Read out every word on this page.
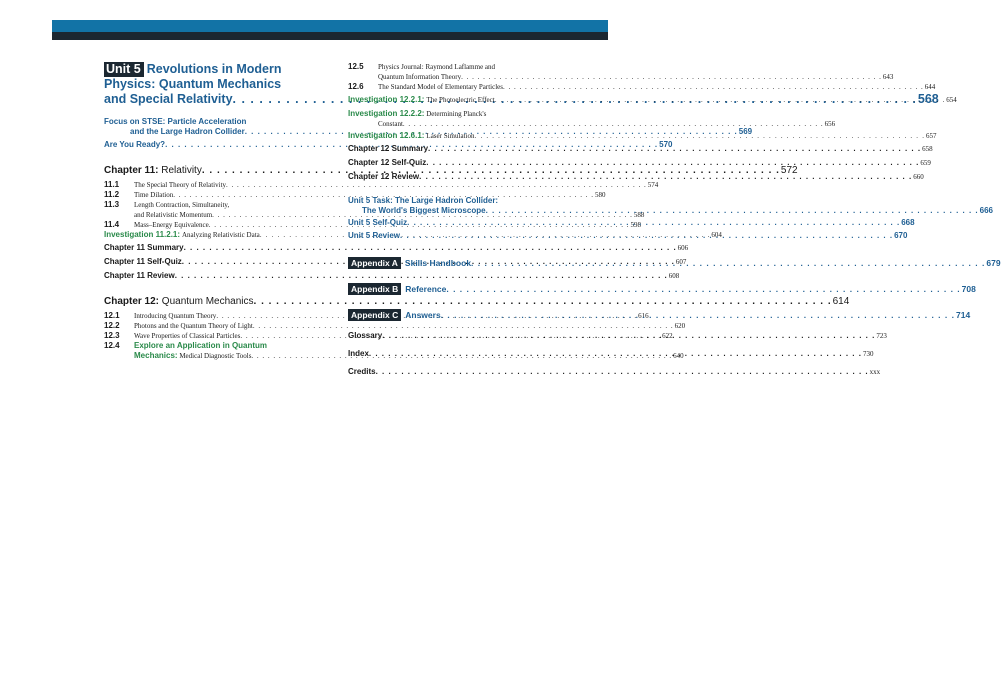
Unit 5 Revolutions in Modern
Physics: Quantum Mechanics
and Special Relativity . . .	568
Focus on STSE: Particle Acceleration
and the Large Hadron Collider . . .	569
Are You Ready? . . .	570
Chapter 11: Relativity . . .	572
11.1	The Special Theory of Relativity . . .	574
11.2	Time Dilation . . .	580
11.3	Length Contraction, Simultaneity,
and Relativistic Momentum . . .	588
11.4	Mass–Energy Equivalence . . .	598
Investigation 11.2.1: Analyzing Relativistic Data . . .	604
Chapter 11 Summary . . .	606
Chapter 11 Self-Quiz . . .	607
Chapter 11 Review . . .	608
Chapter 12: Quantum Mechanics . . .	614
12.1	Introducing Quantum Theory . . .	616
12.2	Photons and the Quantum Theory of Light . . .	620
12.3	Wave Properties of Classical Particles . . .	622
12.4	Explore an Application in Quantum
Mechanics: Medical Diagnostic Tools . . .	640
12.5	Physics Journal: Raymond Laflamme and
Quantum Information Theory . . .	643
12.6	The Standard Model of Elementary Particles . . .	644
Investigation 12.2.1: The Photoelectric Effect . . .	654
Investigation 12.2.2: Determining Planck's
Constant . . .	656
Investigation 12.6.1: Laser Simulation . . .	657
Chapter 12 Summary . . .	658
Chapter 12 Self-Quiz . . .	659
Chapter 12 Review . . .	660
Unit 5 Task: The Large Hadron Collider:
The World's Biggest Microscope . . .	666
Unit 5 Self-Quiz . . .	668
Unit 5 Review . . .	670
Appendix A Skills Handbook . . .	679
Appendix B Reference . . .	708
Appendix C Answers . . .	714
Glossary . . .	723
Index . . .	730
Credits . . .	xxx
